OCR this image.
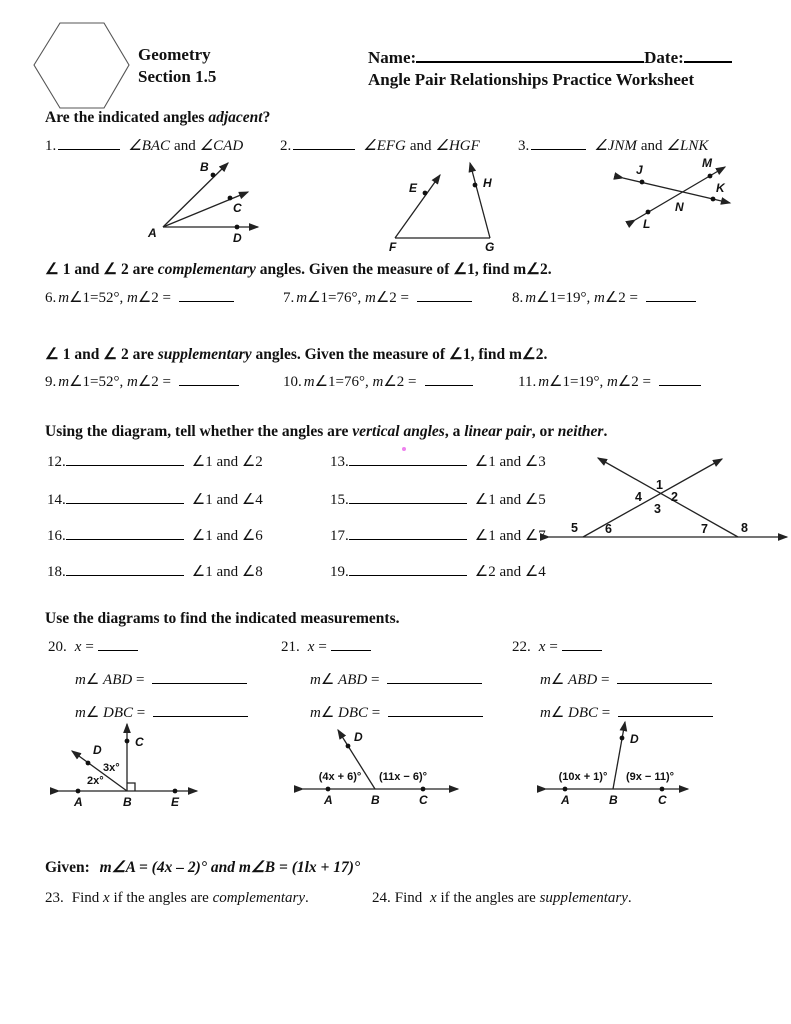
Geometry
Section 1.5
Name:	Date:
Angle Pair Relationships Practice Worksheet
Are the indicated angles adjacent?
1.	∠BAC and ∠CAD 2.	∠EFG and ∠HGF	3.	∠JNM and ∠LNK
B
C
D
A
E	H
F	G
J	M
K
N
L
∠ 1 and ∠ 2 are complementary angles. Given the measure of ∠1, find m∠2.
6. m∠1=52°, m∠2 =	7. m∠1=76°, m∠2 =	8. m∠1=19°, m∠2 =
∠ 1 and ∠ 2 are supplementary angles. Given the measure of ∠1, find m∠2.
9. m∠1=52°, m∠2 =	10. m∠1=76°, m∠2 =	11. m∠1=19°, m∠2 =
Using the diagram, tell whether the angles are vertical angles, a linear pair, or neither.
12.	∠1 and ∠2	13.	∠1 and ∠3
14.	∠1 and ∠4	15.	∠1 and ∠5
16.	∠1 and ∠6	17.	∠1 and ∠7
18.	∠1 and ∠8	19.	∠2 and ∠4
1
2
3
4
5 6	7	8
Use the diagrams to find the indicated measurements.
20. x =	21. x =	22. x =
m∠ ABD =	m∠ ABD =	m∠ ABD =
m∠ DBC =	m∠ DBC =	m∠ DBC =
C
D
3x°
2x°
A	B	E
D
(4x + 6)° (11x − 6)°
A	B	C
D
(10x + 1)° (9x − 11)°
A	B	C
Given: m∠A = (4x – 2)° and m∠B = (1lx + 17)°
23. Find x if the angles are complementary.	24. Find x if the angles are supplementary.
